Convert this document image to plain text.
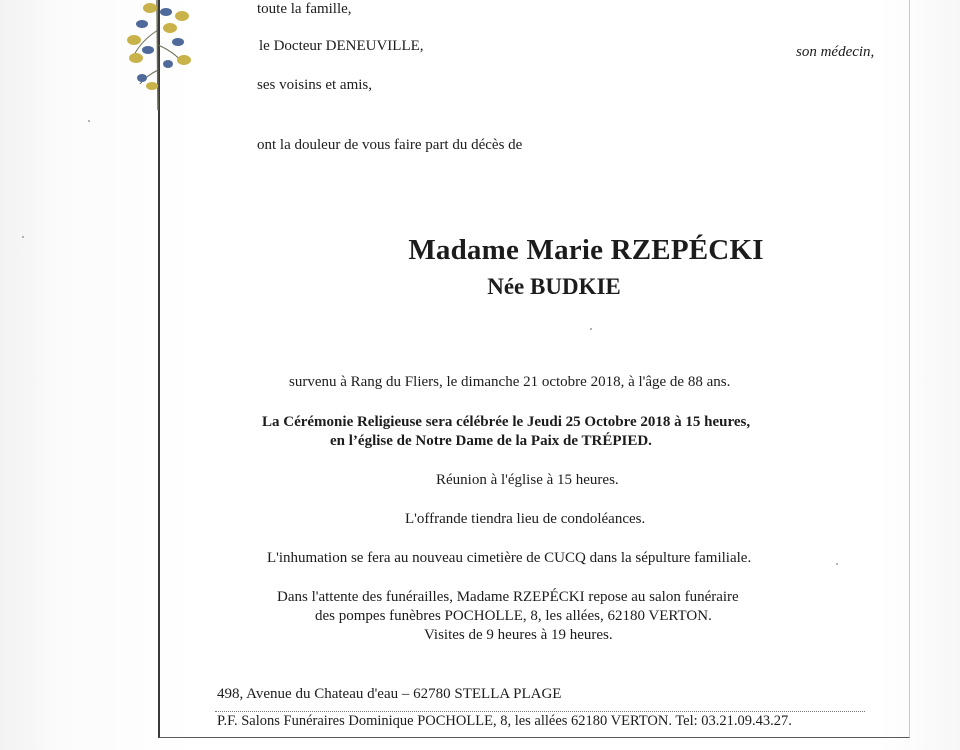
toute la famille,
le Docteur DENEUVILLE,	son médecin,
ses voisins et amis,
ont la douleur de vous faire part du décès de
Madame Marie RZEPÉCKI
Née BUDKIE
survenu à Rang du Fliers, le dimanche 21 octobre 2018, à l'âge de 88 ans.
La Cérémonie Religieuse sera célébrée le Jeudi 25 Octobre 2018 à 15 heures,
en l’église de Notre Dame de la Paix de TRÉPIED.
Réunion à l'église à 15 heures.
L'offrande tiendra lieu de condoléances.
L'inhumation se fera au nouveau cimetière de CUCQ dans la sépulture familiale.
Dans l'attente des funérailles, Madame RZEPÉCKI repose au salon funéraire
des pompes funèbres POCHOLLE, 8, les allées, 62180 VERTON.
Visites de 9 heures à 19 heures.
498, Avenue du Chateau d'eau – 62780 STELLA PLAGE
P.F. Salons Funéraires Dominique POCHOLLE, 8, les allées 62180 VERTON. Tel: 03.21.09.43.27.
